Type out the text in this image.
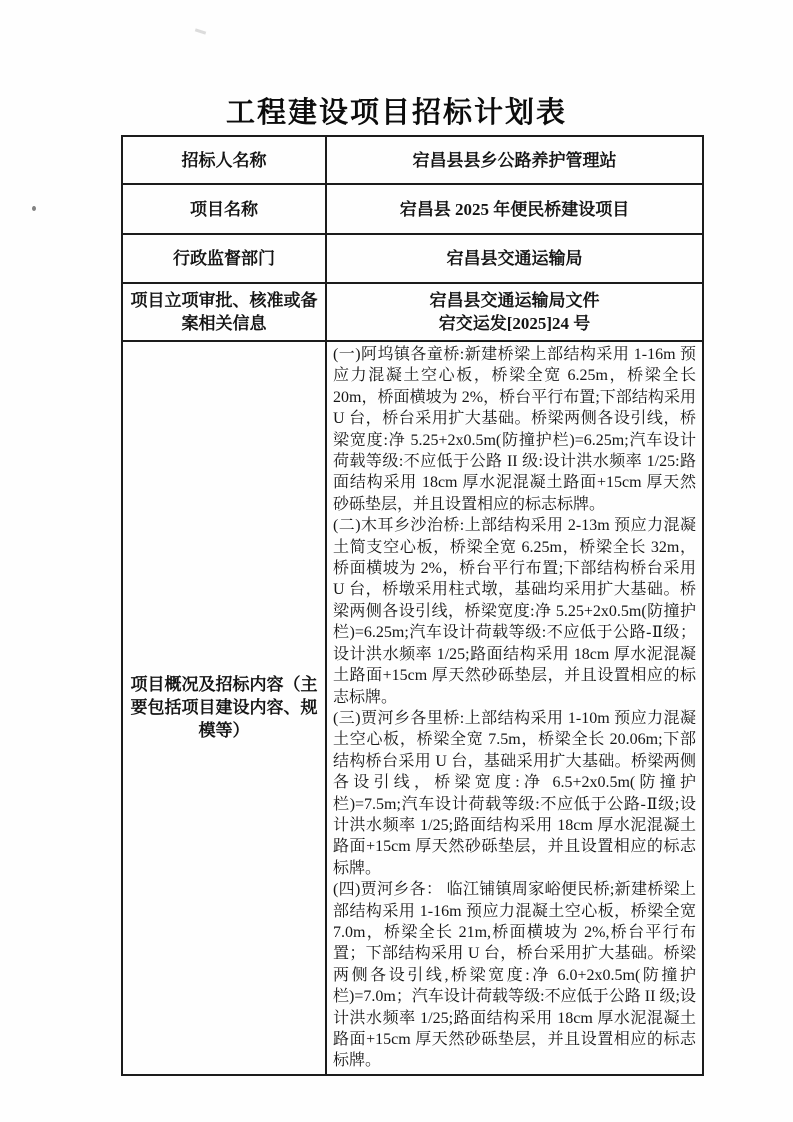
工程建设项目招标计划表
招标人名称	宕昌县县乡公路养护管理站
项目名称	宕昌县 2025 年便民桥建设项目
行政监督部门	宕昌县交通运输局
项目立项审批、核准或备案相关信息	宕昌县交通运输局文件

宕交运发[2025]24 号

项目概况及招标内容（主要包括项目建设内容、规模等）	(一)阿坞镇各童桥:新建桥梁上部结构采用 1-16m 预应力混凝土空心板，桥梁全宽 6.25m，桥梁全长 20m，桥面横坡为 2%，桥台平行布置;下部结构采用 U 台，桥台采用扩大基础。桥梁两侧各设引线，桥梁宽度:净 5.25+2x0.5m(防撞护栏)=6.25m;汽车设计荷载等级:不应低于公路 II 级:设计洪水频率 1/25:路面结构采用 18cm 厚水泥混凝土路面+15cm 厚天然砂砾垫层，并且设置相应的标志标牌。

(二)木耳乡沙治桥:上部结构采用 2-13m 预应力混凝土简支空心板，桥梁全宽 6.25m，桥梁全长 32m，桥面横坡为 2%，桥台平行布置;下部结构桥台采用 U 台，桥墩采用柱式墩，基础均采用扩大基础。桥梁两侧各设引线，桥梁宽度:净 5.25+2x0.5m(防撞护栏)=6.25m;汽车设计荷载等级:不应低于公路-Ⅱ级；设计洪水频率 1/25;路面结构采用 18cm 厚水泥混凝土路面+15cm 厚天然砂砾垫层，并且设置相应的标志标牌。

(三)贾河乡各里桥:上部结构采用 1-10m 预应力混凝土空心板，桥梁全宽 7.5m，桥梁全长 20.06m;下部结构桥台采用 U 台，基础采用扩大基础。桥梁两侧各设引线，桥梁宽度:净 6.5+2x0.5m(防撞护栏)=7.5m;汽车设计荷载等级:不应低于公路-Ⅱ级;设计洪水频率 1/25;路面结构采用 18cm 厚水泥混凝土路面+15cm 厚天然砂砾垫层，并且设置相应的标志标牌。

(四)贾河乡各： 临江铺镇周家峪便民桥;新建桥梁上部结构采用 1-16m 预应力混凝土空心板，桥梁全宽 7.0m，桥梁全长 21m,桥面横坡为 2%,桥台平行布置；下部结构采用 U 台，桥台采用扩大基础。桥梁两侧各设引线,桥梁宽度:净 6.0+2x0.5m(防撞护栏)=7.0m；汽车设计荷载等级:不应低于公路 II 级;设计洪水频率 1/25;路面结构采用 18cm 厚水泥混凝土路面+15cm 厚天然砂砾垫层，并且设置相应的标志标牌。
